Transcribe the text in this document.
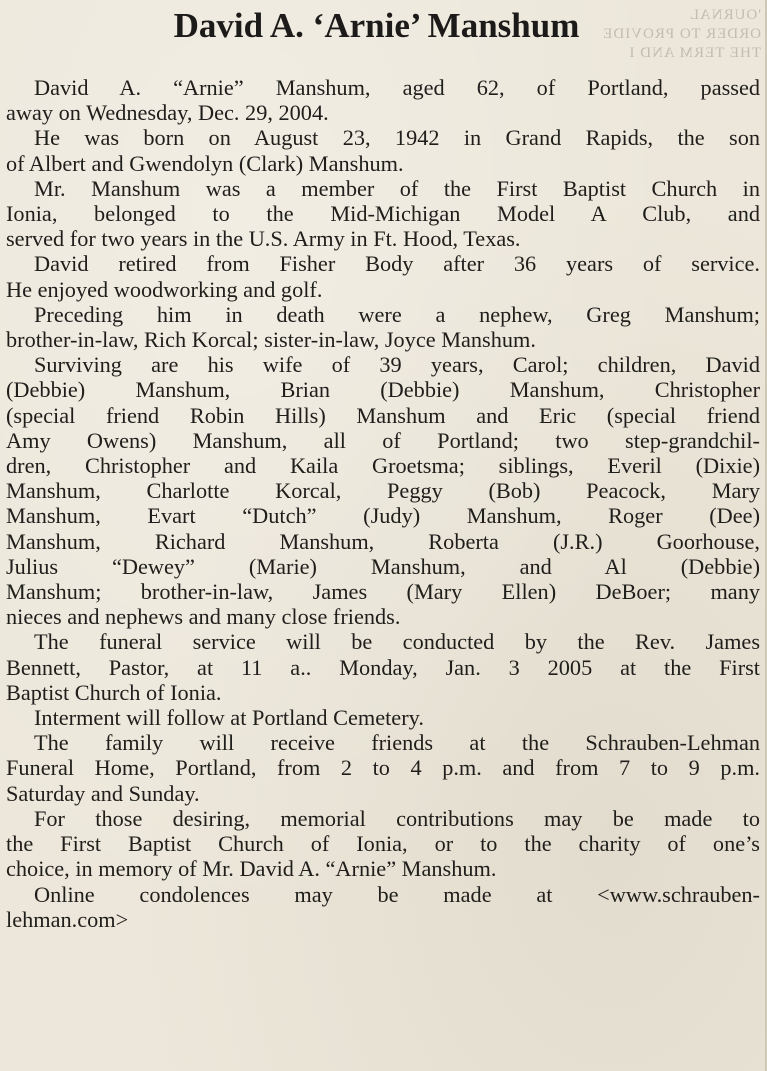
'OURNAL
ORDER TO PROVIDE
THE TERM AND I
David A. ‘Arnie’ Manshum
David A. “Arnie” Manshum, aged 62, of Portland, passed
away on Wednesday, Dec. 29, 2004.
He was born on August 23, 1942 in Grand Rapids, the son
of Albert and Gwendolyn (Clark) Manshum.
Mr. Manshum was a member of the First Baptist Church in
Ionia, belonged to the Mid-Michigan Model A Club, and
served for two years in the U.S. Army in Ft. Hood, Texas.
David retired from Fisher Body after 36 years of service.
He enjoyed woodworking and golf.
Preceding him in death were a nephew, Greg Manshum;
brother-in-law, Rich Korcal; sister-in-law, Joyce Manshum.
Surviving are his wife of 39 years, Carol; children, David
(Debbie) Manshum, Brian (Debbie) Manshum, Christopher
(special friend Robin Hills) Manshum and Eric (special friend
Amy Owens) Manshum, all of Portland; two step-grandchil-
dren, Christopher and Kaila Groetsma; siblings, Everil (Dixie)
Manshum, Charlotte Korcal, Peggy (Bob) Peacock, Mary
Manshum, Evart “Dutch” (Judy) Manshum, Roger (Dee)
Manshum, Richard Manshum, Roberta (J.R.) Goorhouse,
Julius “Dewey” (Marie) Manshum, and Al (Debbie)
Manshum; brother-in-law, James (Mary Ellen) DeBoer; many
nieces and nephews and many close friends.
The funeral service will be conducted by the Rev. James
Bennett, Pastor, at 11 a.. Monday, Jan. 3 2005 at the First
Baptist Church of Ionia.
Interment will follow at Portland Cemetery.
The family will receive friends at the Schrauben-Lehman
Funeral Home, Portland, from 2 to 4 p.m. and from 7 to 9 p.m.
Saturday and Sunday.
For those desiring, memorial contributions may be made to
the First Baptist Church of Ionia, or to the charity of one’s
choice, in memory of Mr. David A. “Arnie” Manshum.
Online condolences may be made at <www.schrauben-
lehman.com>
